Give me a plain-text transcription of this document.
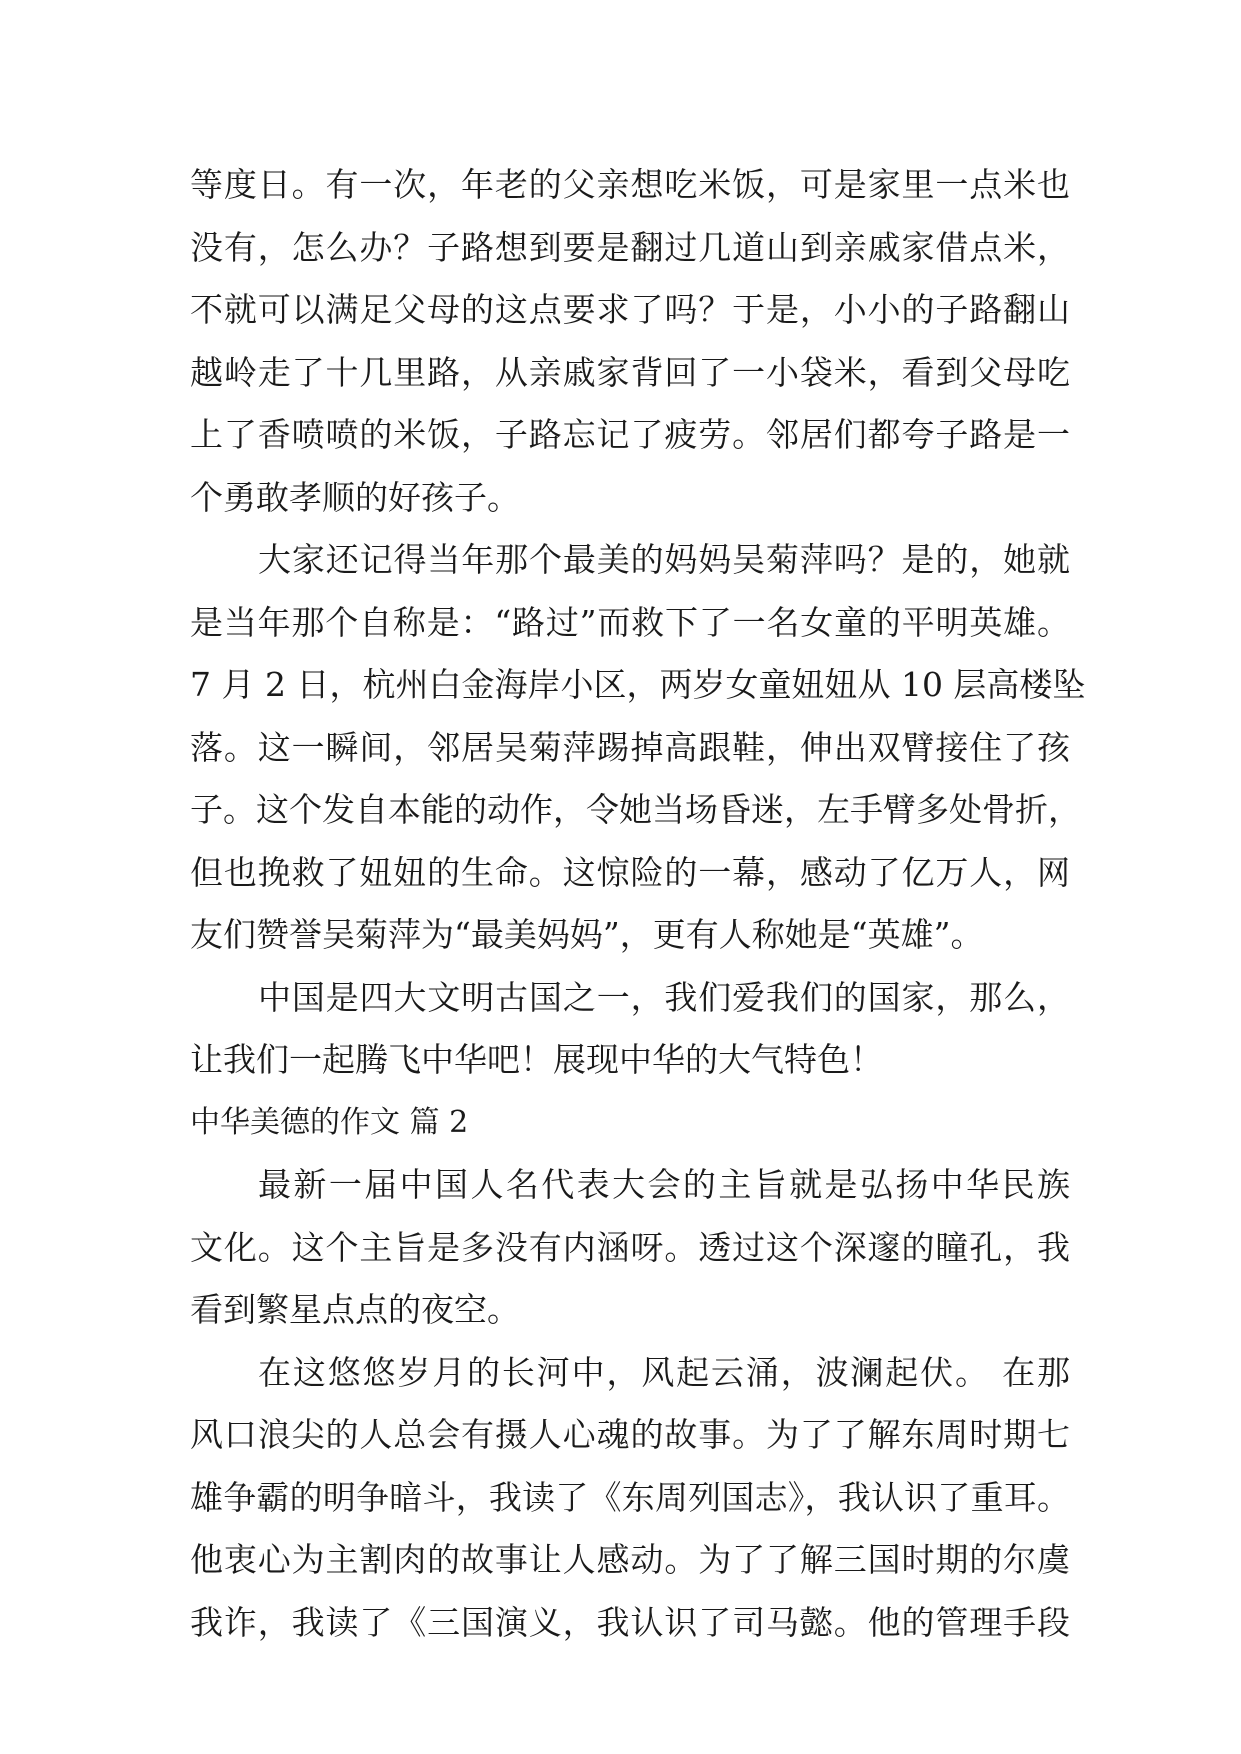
等度日。有一次，年老的父亲想吃米饭，可是家里一点米也
没有，怎么办？子路想到要是翻过几道山到亲戚家借点米，
不就可以满足父母的这点要求了吗？于是，小小的子路翻山
越岭走了十几里路，从亲戚家背回了一小袋米，看到父母吃
上了香喷喷的米饭，子路忘记了疲劳。邻居们都夸子路是一
个勇敢孝顺的好孩子。
大家还记得当年那个最美的妈妈吴菊萍吗？是的，她就
是当年那个自称是：“路过”而救下了一名女童的平明英雄。
7 月 2 日，杭州白金海岸小区，两岁女童妞妞从 10 层高楼坠
落。这一瞬间，邻居吴菊萍踢掉高跟鞋，伸出双臂接住了孩
子。这个发自本能的动作，令她当场昏迷，左手臂多处骨折，
但也挽救了妞妞的生命。这惊险的一幕，感动了亿万人，网
友们赞誉吴菊萍为“最美妈妈”，更有人称她是“英雄”。
中国是四大文明古国之一，我们爱我们的国家，那么，
让我们一起腾飞中华吧！展现中华的大气特色！
中华美德的作文 篇 2
最新一届中国人名代表大会的主旨就是弘扬中华民族
文化。这个主旨是多没有内涵呀。透过这个深邃的瞳孔，我
看到繁星点点的夜空。
在这悠悠岁月的长河中，风起云涌，波澜起伏。 在那
风口浪尖的人总会有摄人心魂的故事。为了了解东周时期七
雄争霸的明争暗斗，我读了《东周列国志》，我认识了重耳。
他衷心为主割肉的故事让人感动。为了了解三国时期的尔虞
我诈，我读了《三国演义，我认识了司马懿。他的管理手段
